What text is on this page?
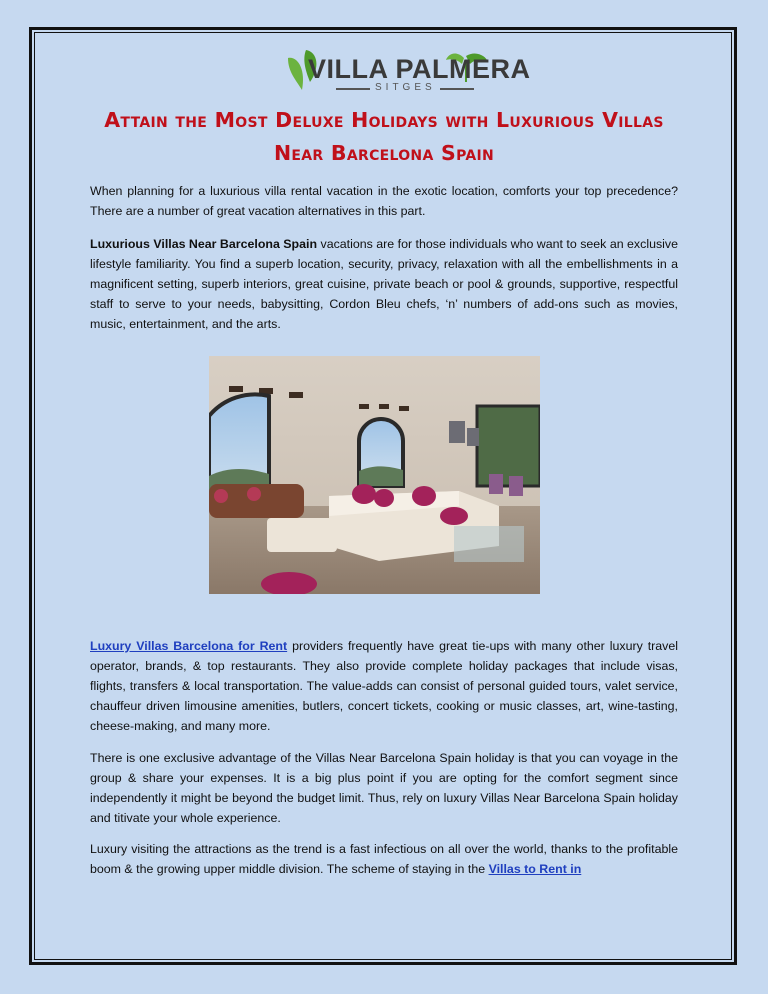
VILLA PALMERA
SITGES
Attain the Most Deluxe Holidays with Luxurious Villas Near Barcelona Spain

When planning for a luxurious villa rental vacation in the exotic location, comforts your top precedence? There are a number of great vacation alternatives in this part.

Luxurious Villas Near Barcelona Spain vacations are for those individuals who want to seek an exclusive lifestyle familiarity. You find a superb location, security, privacy, relaxation with all the embellishments in a magnificent setting, superb interiors, great cuisine, private beach or pool & grounds, supportive, respectful staff to serve to your needs, babysitting, Cordon Bleu chefs, ‘n’ numbers of add-ons such as movies, music, entertainment, and the arts.

Luxury Villas Barcelona for Rent providers frequently have great tie-ups with many other luxury travel operator, brands, & top restaurants. They also provide complete holiday packages that include visas, flights, transfers & local transportation. The value-adds can consist of personal guided tours, valet service, chauffeur driven limousine amenities, butlers, concert tickets, cooking or music classes, art, wine-tasting, cheese-making, and many more.

There is one exclusive advantage of the Villas Near Barcelona Spain holiday is that you can voyage in the group & share your expenses. It is a big plus point if you are opting for the comfort segment since independently it might be beyond the budget limit. Thus, rely on luxury Villas Near Barcelona Spain holiday and titivate your whole experience.

Luxury visiting the attractions as the trend is a fast infectious on all over the world, thanks to the profitable boom & the growing upper middle division. The scheme of staying in the Villas to Rent in
